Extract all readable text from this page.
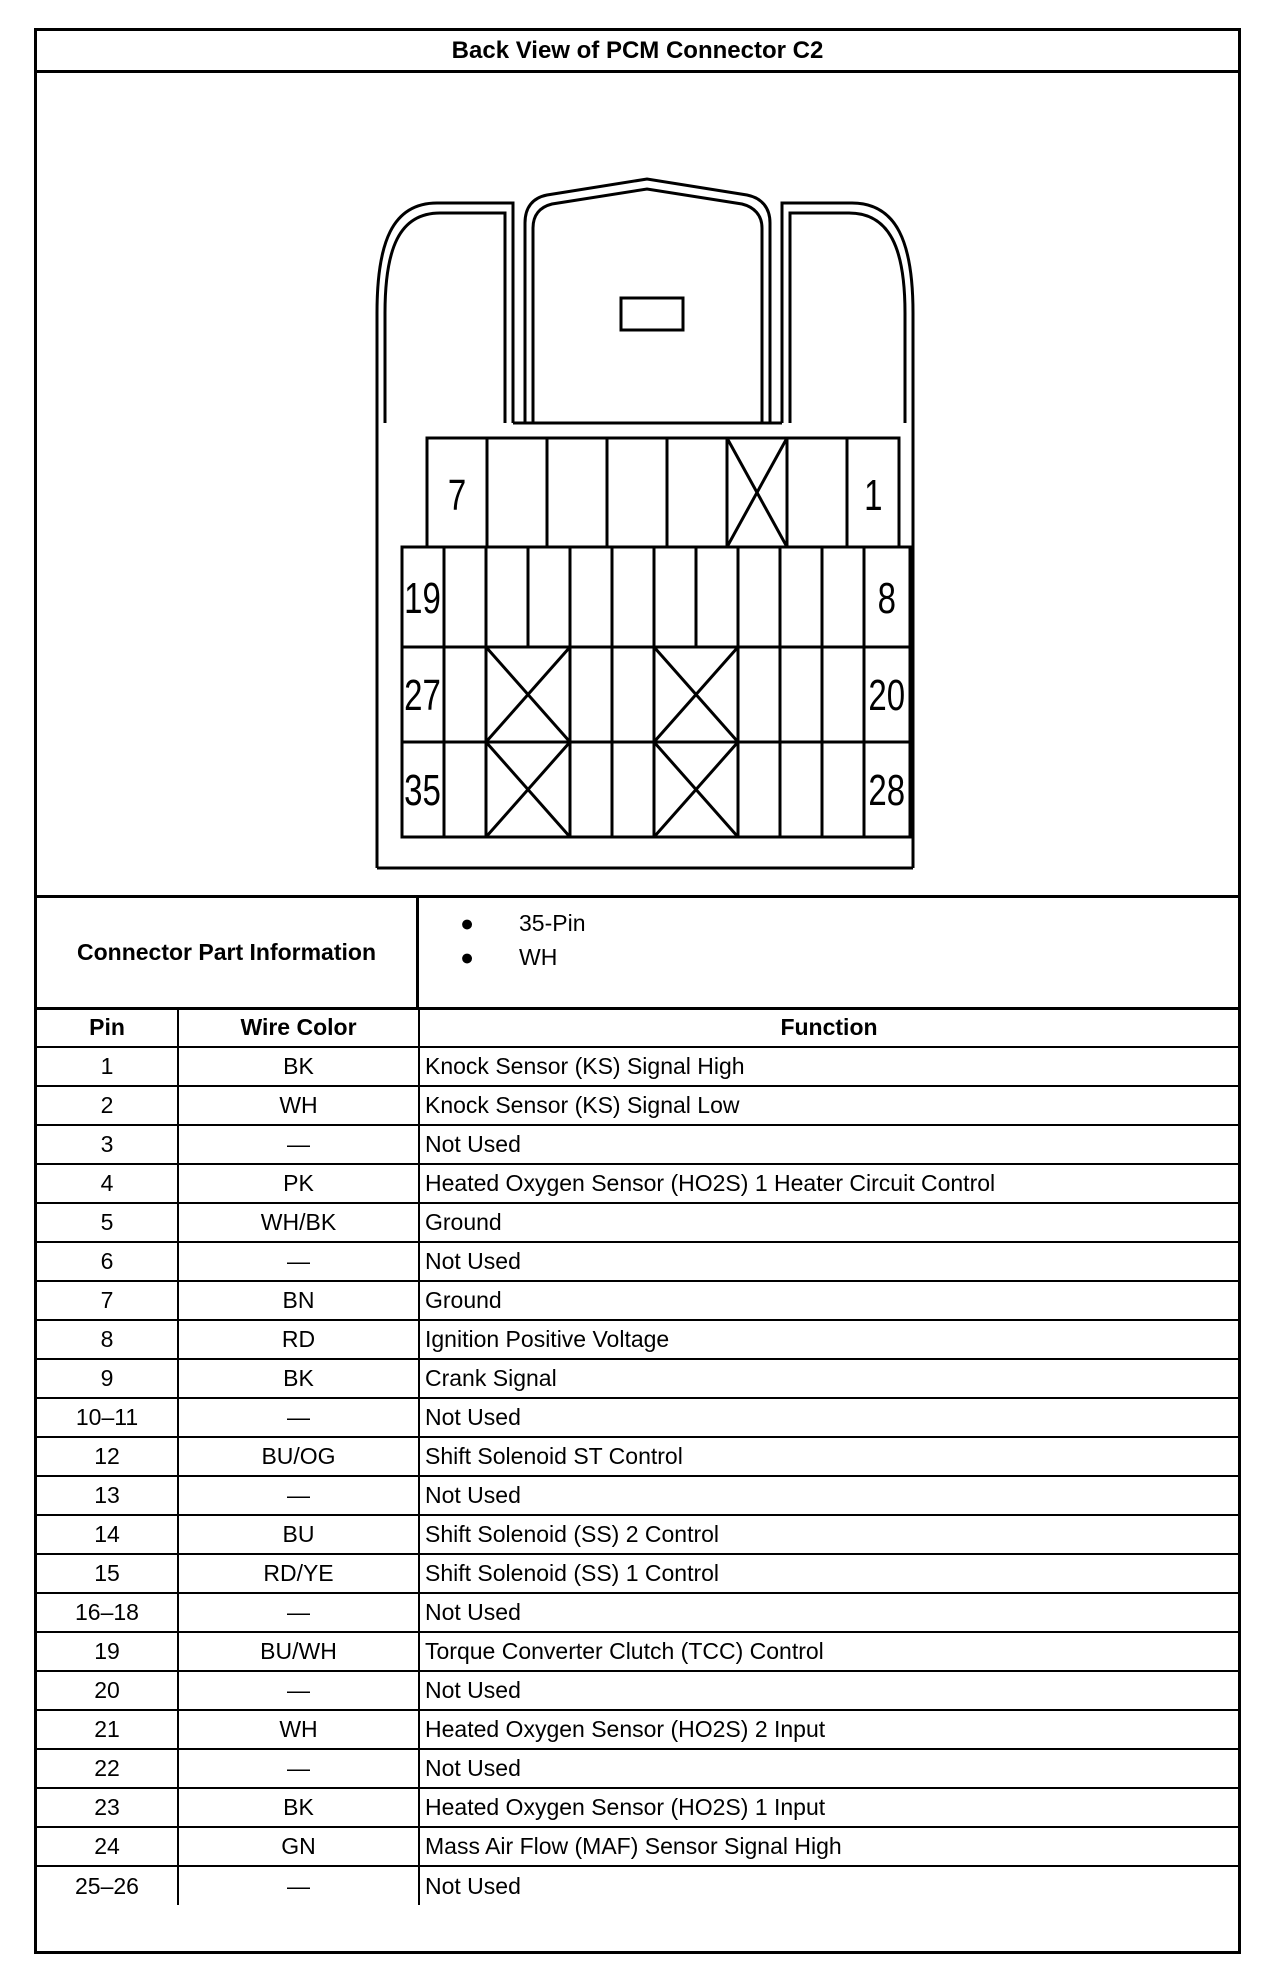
Back View of PCM Connector C2
7	1
19	8
27	20
35	28
Connector Part Information
●	35-Pin
●	WH
Pin	Wire Color	Function
1	BK	Knock Sensor (KS) Signal High
2	WH	Knock Sensor (KS) Signal Low
3	—	Not Used
4	PK	Heated Oxygen Sensor (HO2S) 1 Heater Circuit Control
5	WH/BK	Ground
6	—	Not Used
7	BN	Ground
8	RD	Ignition Positive Voltage
9	BK	Crank Signal
10–11	—	Not Used
12	BU/OG	Shift Solenoid ST Control
13	—	Not Used
14	BU	Shift Solenoid (SS) 2 Control
15	RD/YE	Shift Solenoid (SS) 1 Control
16–18	—	Not Used
19	BU/WH	Torque Converter Clutch (TCC) Control
20	—	Not Used
21	WH	Heated Oxygen Sensor (HO2S) 2 Input
22	—	Not Used
23	BK	Heated Oxygen Sensor (HO2S) 1 Input
24	GN	Mass Air Flow (MAF) Sensor Signal High
25–26	—	Not Used
